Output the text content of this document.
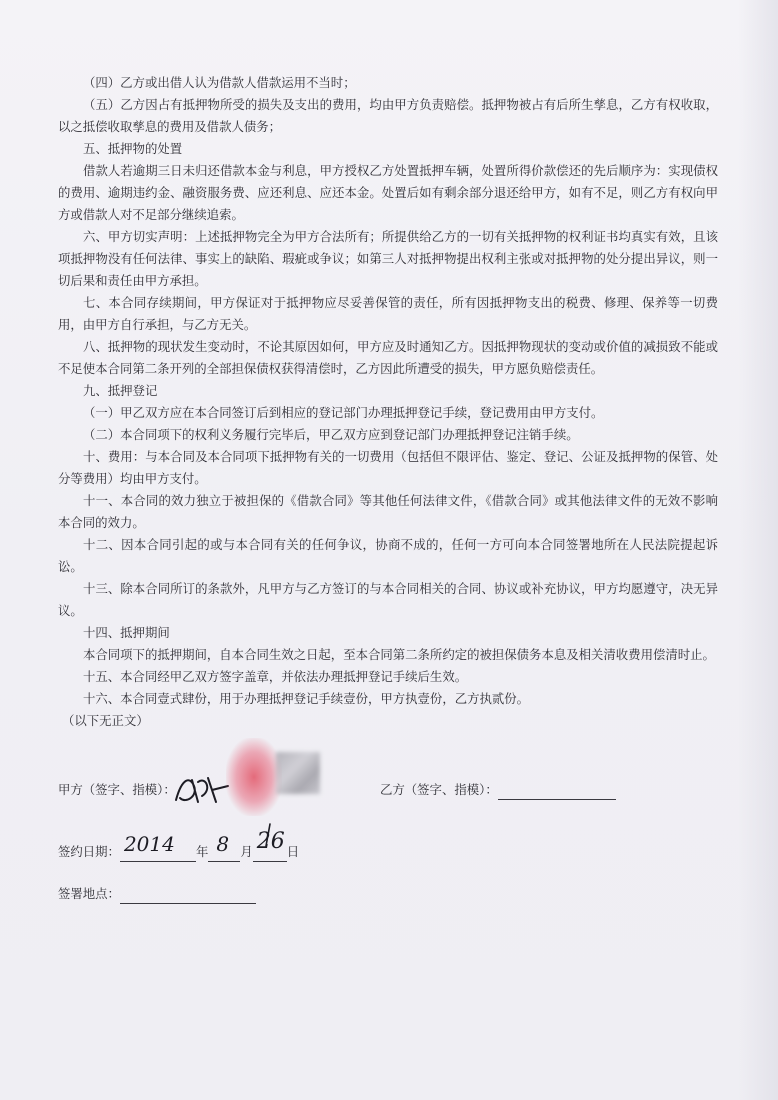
（四）乙方或出借人认为借款人借款运用不当时；

（五）乙方因占有抵押物所受的损失及支出的费用，均由甲方负责赔偿。抵押物被占有后所生孳息，乙方有权收取，以之抵偿收取孳息的费用及借款人债务；

五、抵押物的处置

借款人若逾期三日未归还借款本金与利息，甲方授权乙方处置抵押车辆，处置所得价款偿还的先后顺序为：实现债权的费用、逾期违约金、融资服务费、应还利息、应还本金。处置后如有剩余部分退还给甲方，如有不足，则乙方有权向甲方或借款人对不足部分继续追索。

六、甲方切实声明：上述抵押物完全为甲方合法所有；所提供给乙方的一切有关抵押物的权利证书均真实有效，且该项抵押物没有任何法律、事实上的缺陷、瑕疵或争议；如第三人对抵押物提出权利主张或对抵押物的处分提出异议，则一切后果和责任由甲方承担。

七、本合同存续期间，甲方保证对于抵押物应尽妥善保管的责任，所有因抵押物支出的税费、修理、保养等一切费用，由甲方自行承担，与乙方无关。

八、抵押物的现状发生变动时，不论其原因如何，甲方应及时通知乙方。因抵押物现状的变动或价值的减损致不能或不足使本合同第二条开列的全部担保债权获得清偿时，乙方因此所遭受的损失，甲方愿负赔偿责任。

九、抵押登记

（一）甲乙双方应在本合同签订后到相应的登记部门办理抵押登记手续，登记费用由甲方支付。

（二）本合同项下的权利义务履行完毕后，甲乙双方应到登记部门办理抵押登记注销手续。

十、费用：与本合同及本合同项下抵押物有关的一切费用（包括但不限评估、鉴定、登记、公证及抵押物的保管、处分等费用）均由甲方支付。

十一、本合同的效力独立于被担保的《借款合同》等其他任何法律文件，《借款合同》或其他法律文件的无效不影响本合同的效力。

十二、因本合同引起的或与本合同有关的任何争议，协商不成的，任何一方可向本合同签署地所在人民法院提起诉讼。

十三、除本合同所订的条款外，凡甲方与乙方签订的与本合同相关的合同、协议或补充协议，甲方均愿遵守，决无异议。

十四、抵押期间

本合同项下的抵押期间，自本合同生效之日起，至本合同第二条所约定的被担保债务本息及相关清收费用偿清时止。

十五、本合同经甲乙双方签字盖章，并依法办理抵押登记手续后生效。

十六、本合同壹式肆份，用于办理抵押登记手续壹份，甲方执壹份，乙方执贰份。

（以下无正文）

甲方（签字、指模）：	乙方（签字、指模）：
签约日期： 2014 年 8 月 26 日
签署地点：
